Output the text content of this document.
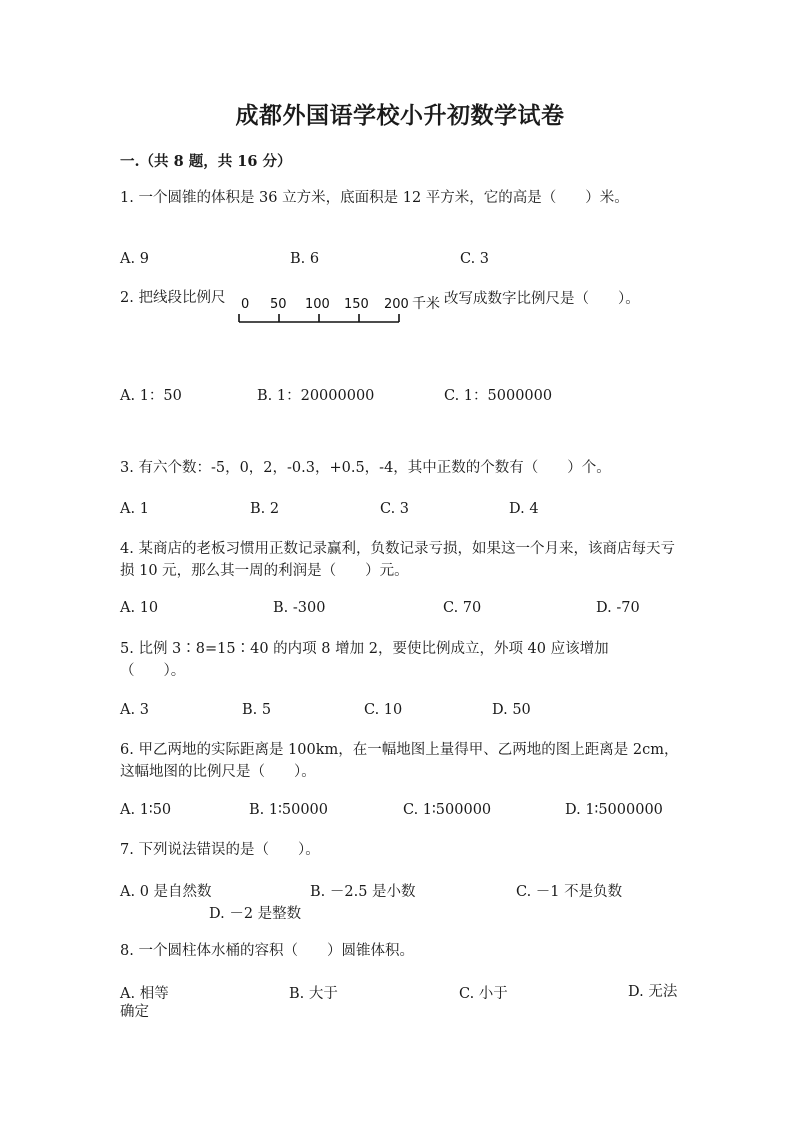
成都外国语学校小升初数学试卷
一.（共 8 题，共 16 分）
1. 一个圆锥的体积是 36 立方米，底面积是 12 平方米，它的高是（　　）米。
A. 9	B. 6	C. 3
2. 把线段比例尺 0 50 100 150 200 千米 改写成数字比例尺是（　　）。
A. 1：50	B. 1：20000000	C. 1：5000000
3. 有六个数：-5，0，2，-0.3，+0.5，-4，其中正数的个数有（　　）个。
A. 1	B. 2	C. 3	D. 4
4. 某商店的老板习惯用正数记录赢利，负数记录亏损，如果这一个月来，该商店每天亏损 10 元，那么其一周的利润是（　　）元。
A. 10	B. -300	C. 70	D. -70
5. 比例 3∶8=15∶40 的内项 8 增加 2，要使比例成立，外项 40 应该增加（　　）。
A. 3	B. 5	C. 10	D. 50
6. 甲乙两地的实际距离是 100km，在一幅地图上量得甲、乙两地的图上距离是 2cm，这幅地图的比例尺是（　　）。
A. 1∶50	B. 1∶50000	C. 1∶500000	D. 1∶5000000
7. 下列说法错误的是（　　）。
A. 0 是自然数	B. －2.5 是小数	C. －1 不是负数
D. －2 是整数
8. 一个圆柱体水桶的容积（　　）圆锥体积。
A. 相等	B. 大于	C. 小于	D. 无法
确定
